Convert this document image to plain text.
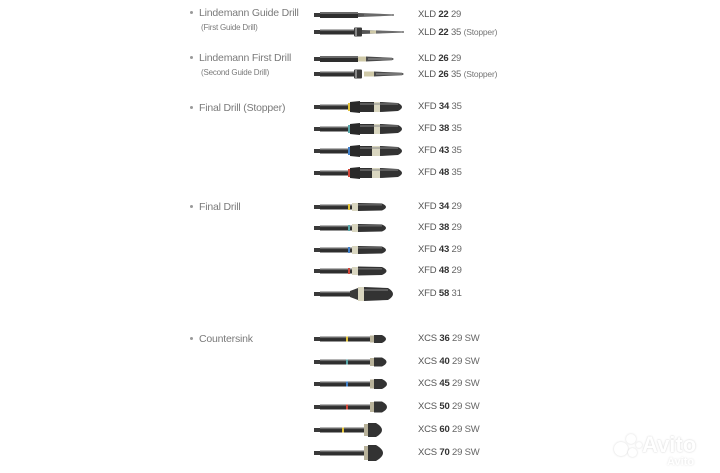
Lindemann Guide Drill
(First Guide Drill)
XLD 22 29
XLD 22 35 (Stopper)
Lindemann First Drill
(Second Guide Drill)
XLD 26 29
XLD 26 35 (Stopper)
Final Drill (Stopper)	XFD 34 35
XFD 38 35
XFD 43 35
XFD 48 35
Final Drill	XFD 34 29
XFD 38 29
XFD 43 29
XFD 48 29
XFD 58 31
Countersink	XCS 36 29 SW
XCS 40 29 SW
XCS 45 29 SW
XCS 50 29 SW
XCS 60 29 SW
XCS 70 29 SW	Avito
Avito
